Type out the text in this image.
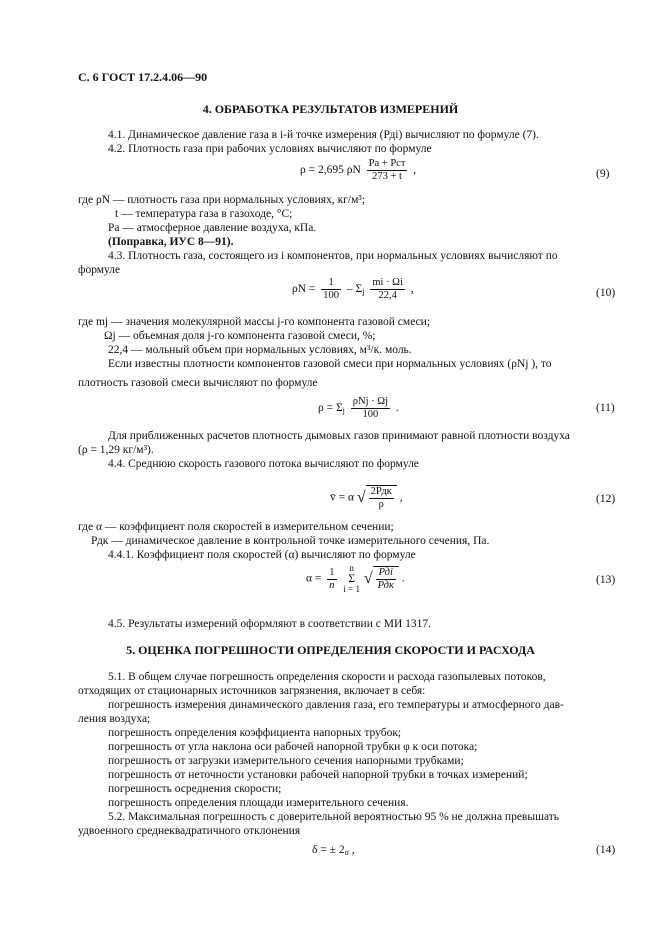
С. 6 ГОСТ 17.2.4.06—90
4. ОБРАБОТКА РЕЗУЛЬТАТОВ ИЗМЕРЕНИЙ
4.1. Динамическое давление газа в i-й точке измерения (Рдi) вычисляют по формуле (7).
4.2. Плотность газа при рабочих условиях вычисляют по формуле
ρ = 2,695 ρN $\frac{\text{Ра + Рст}}{273 + t}$ ,	(9)
где ρN — плотность газа при нормальных условиях, кг/м³;
t — температура газа в газоходе, °С;
Ра — атмосферное давление воздуха, кПа.
(Поправка, ИУС 8—91).
4.3. Плотность газа, состоящего из i компонентов, при нормальных условиях вычисляют по
формуле
$\rho N = \frac{1}{100} - \Sigma_j \frac{mi \cdot \Omega i}{22,4}$ ,	(10)
где mj — значения молекулярной массы j-го компонента газовой смеси;
Ωj — объемная доля j-го компонента газовой смеси, %;
22,4 — мольный объем при нормальных условиях, м³/к. моль.
Если известны плотности компонентов газовой смеси при нормальных условиях (ρNj ), то
плотность газовой смеси вычисляют по формуле
$\rho = \Sigma_j \frac{\text{ρNj · Ωj}}{100}$ .	(11)
Для приближенных расчетов плотность дымовых газов принимают равной плотности воздуха
(ρ = 1,29 кг/м³).
4.4. Среднюю скорость газового потока вычисляют по формуле
v̄ = α √ $\frac{\text{2Рдк}}{\rho}$ ,	(12)
где α — коэффициент поля скоростей в измерительном сечении;
Рдк — динамическое давление в контрольной точке измерительного сечения, Па.
4.4.1. Коэффициент поля скоростей (α) вычисляют по формуле
$\alpha = \frac{1}{n}$
	n
Σ
i = 1
√ $\frac{\text{Рдi}}{\text{Рдк}}$ .	(13)
4.5. Результаты измерений оформляют в соответствии с МИ 1317.
5. ОЦЕНКА ПОГРЕШНОСТИ ОПРЕДЕЛЕНИЯ СКОРОСТИ И РАСХОДА
5.1. В общем случае погрешность определения скорости и расхода газопылевых потоков,
отходящих от стационарных источников загрязнения, включает в себя:
погрешность измерения динамического давления газа, его температуры и атмосферного дав-
ления воздуха;
погрешность определения коэффициента напорных трубок;
погрешность от угла наклона оси рабочей напорной трубки φ к оси потока;
погрешность от загрузки измерительного сечения напорными трубками;
погрешность от неточности установки рабочей напорной трубки в точках измерений;
погрешность осреднения скорости;
погрешность определения площади измерительного сечения.
5.2. Максимальная погрешность с доверительной вероятностью 95 % не должна превышать
удвоенного среднеквадратичного отклонения
δ = ± $2_\sigma$ ,	(14)
